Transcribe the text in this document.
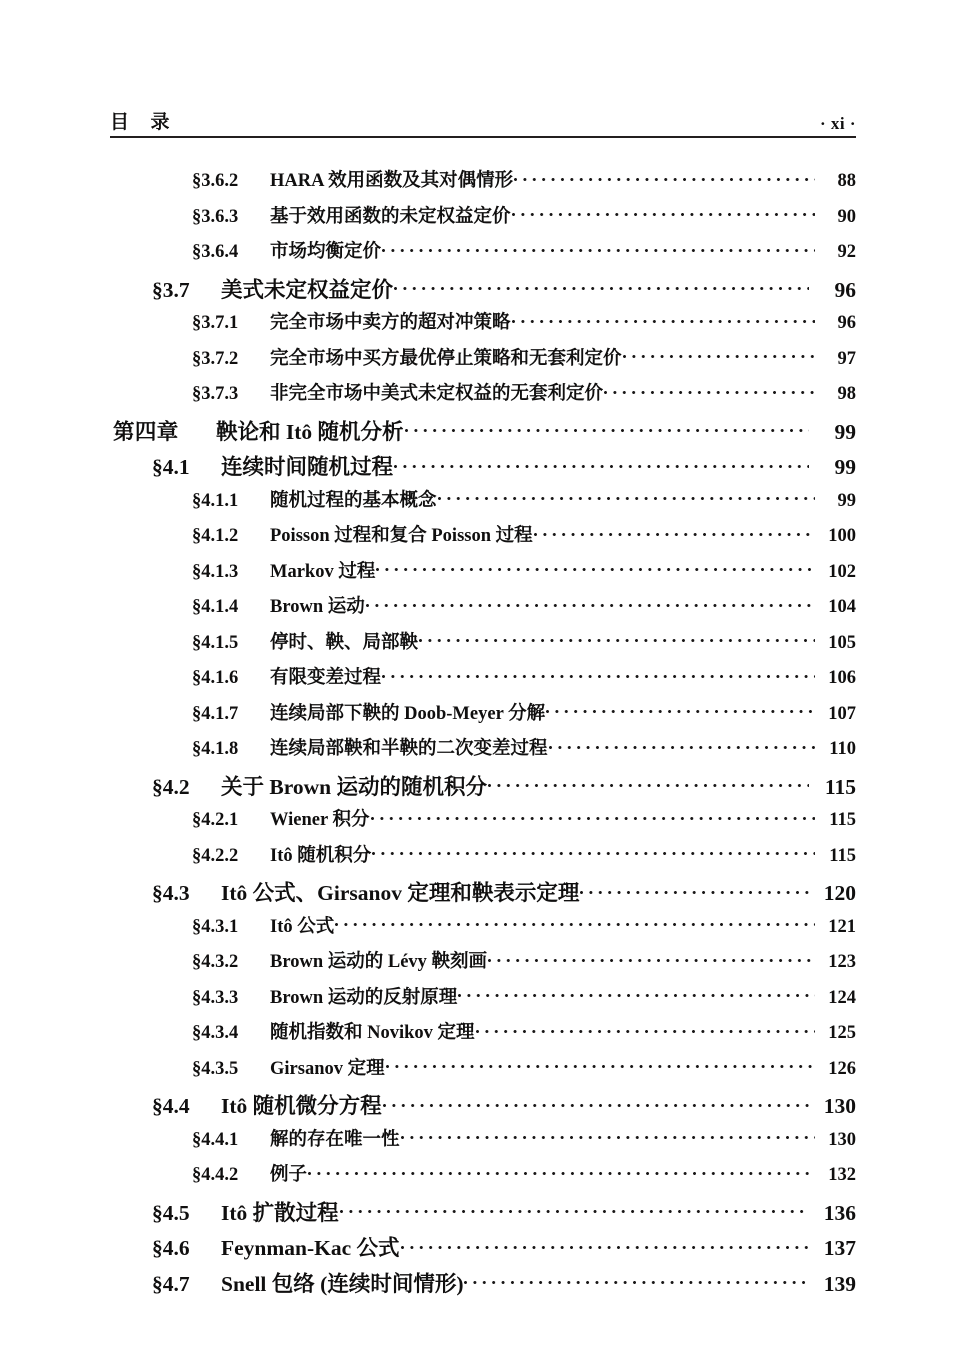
目    录	· xi ·
§3.6.2	HARA 效用函数及其对偶情形	88
§3.6.3	基于效用函数的未定权益定价	90
§3.6.4	市场均衡定价	92
§3.7	美式未定权益定价	96
§3.7.1	完全市场中卖方的超对冲策略	96
§3.7.2	完全市场中买方最优停止策略和无套利定价	97
§3.7.3	非完全市场中美式未定权益的无套利定价	98
第四章	鞅论和 Itô 随机分析	99
§4.1	连续时间随机过程	99
§4.1.1	随机过程的基本概念	99
§4.1.2	Poisson 过程和复合 Poisson 过程	100
§4.1.3	Markov 过程	102
§4.1.4	Brown 运动	104
§4.1.5	停时、鞅、局部鞅	105
§4.1.6	有限变差过程	106
§4.1.7	连续局部下鞅的 Doob-Meyer 分解	107
§4.1.8	连续局部鞅和半鞅的二次变差过程	110
§4.2	关于 Brown 运动的随机积分	115
§4.2.1	Wiener 积分	115
§4.2.2	Itô 随机积分	115
§4.3	Itô 公式、Girsanov 定理和鞅表示定理	120
§4.3.1	Itô 公式	121
§4.3.2	Brown 运动的 Lévy 鞅刻画	123
§4.3.3	Brown 运动的反射原理	124
§4.3.4	随机指数和 Novikov 定理	125
§4.3.5	Girsanov 定理	126
§4.4	Itô 随机微分方程	130
§4.4.1	解的存在唯一性	130
§4.4.2	例子	132
§4.5	Itô 扩散过程	136
§4.6	Feynman-Kac 公式	137
§4.7	Snell 包络 (连续时间情形)	139
